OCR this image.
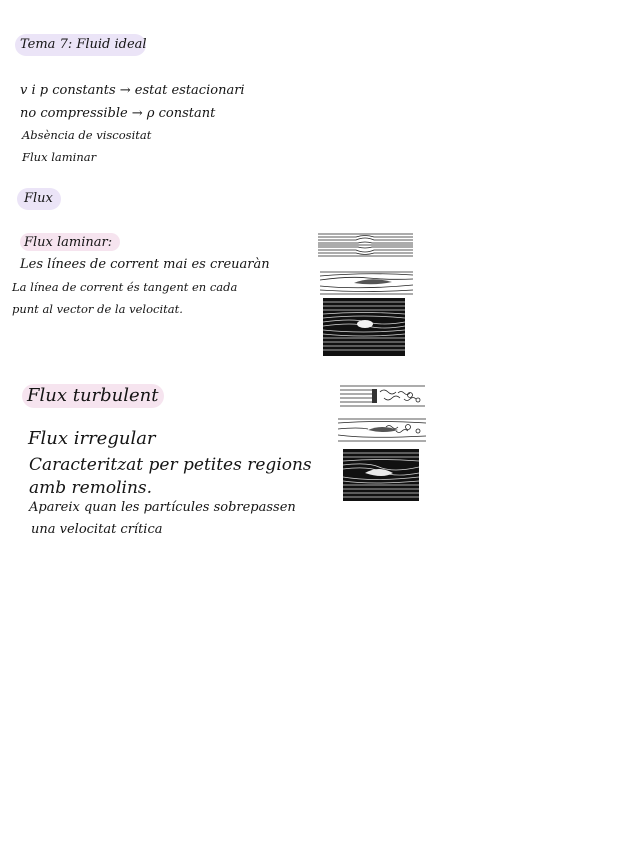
Tema 7: Fluid ideal
v i p constants → estat estacionari
no compressible → ρ constant
Absència de viscositat
Flux laminar
Flux
Flux laminar:
Les línees de corrent mai es creuaràn
La línea de corrent és tangent en cada
punt al vector de la velocitat.
Flux turbulent
Flux irregular
Caracteritzat per petites regions
amb remolins.
Apareix quan les partícules sobrepassen
una velocitat crítica
